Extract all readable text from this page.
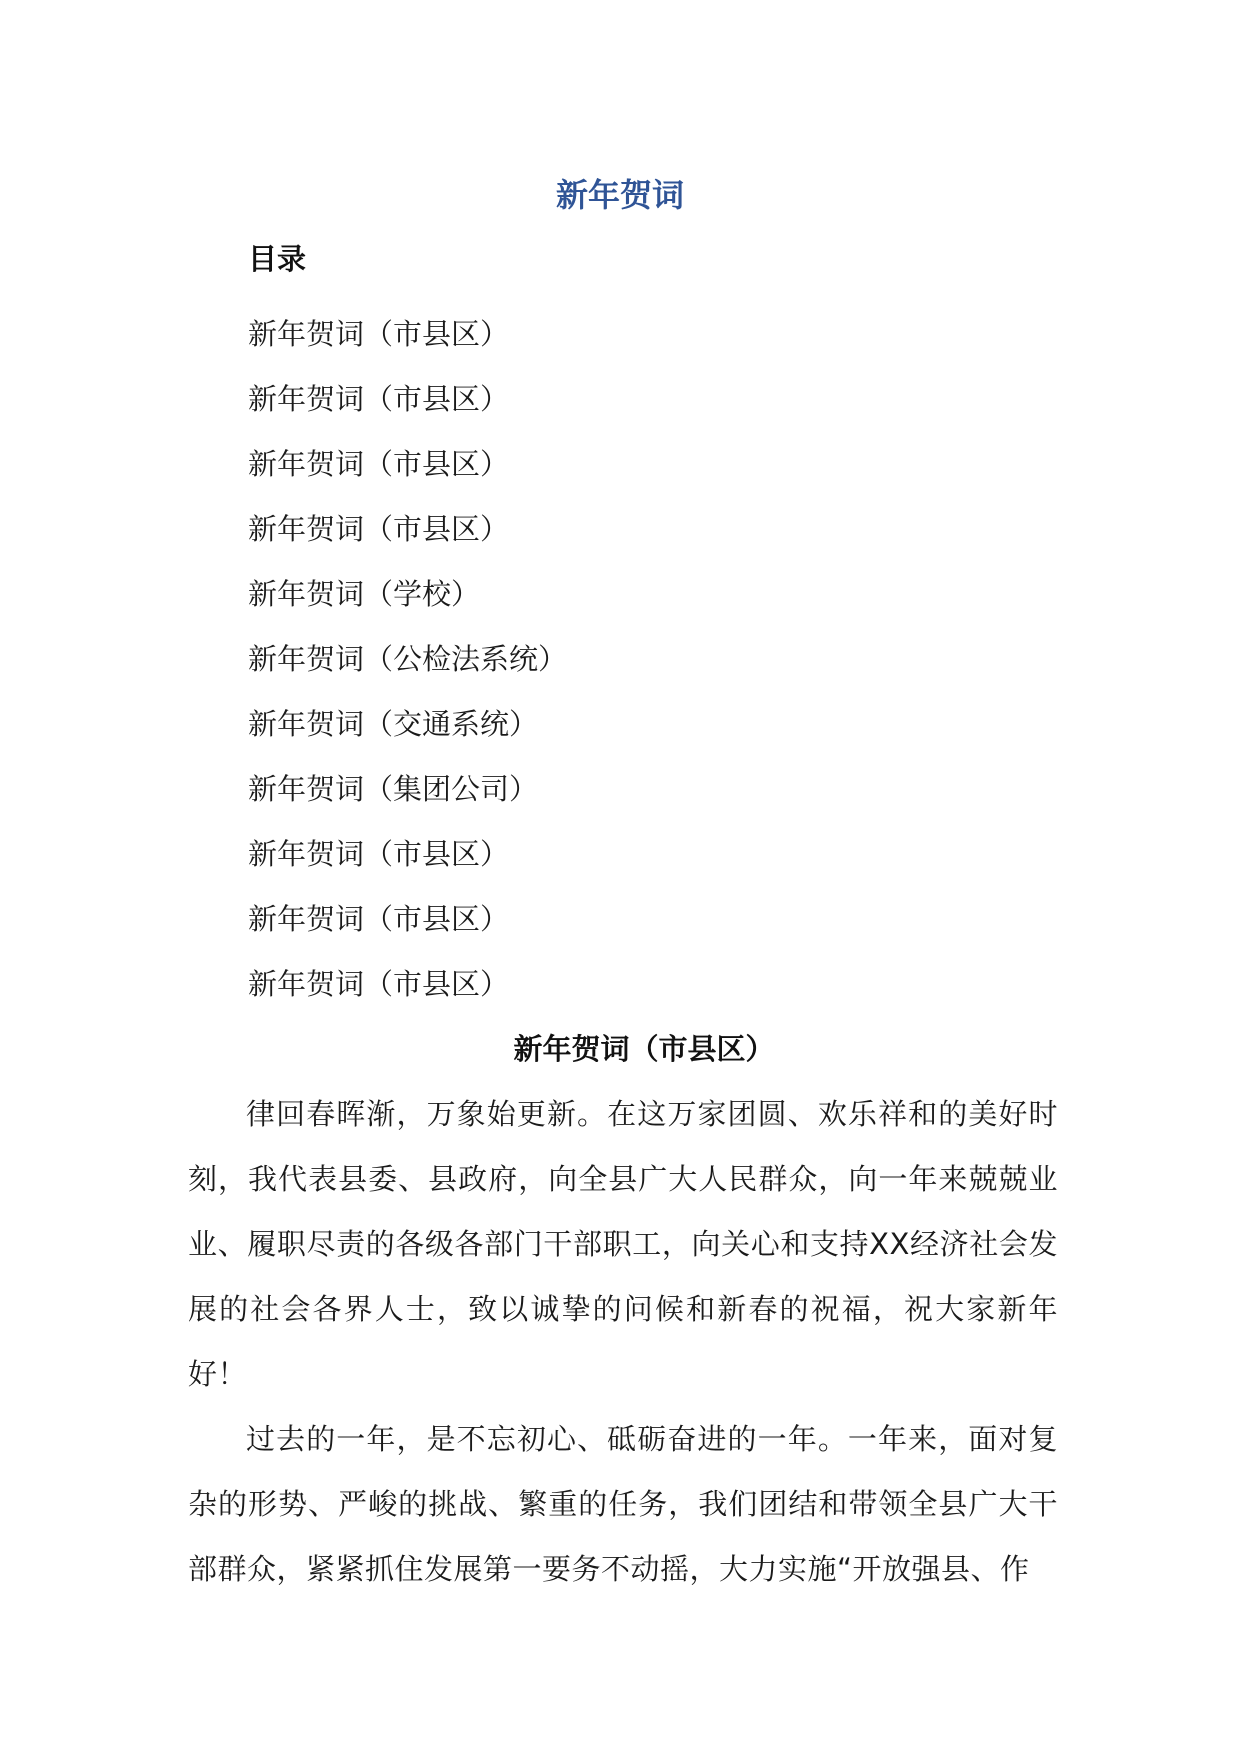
新年贺词
目录
新年贺词（市县区）
新年贺词（市县区）
新年贺词（市县区）
新年贺词（市县区）
新年贺词（学校）
新年贺词（公检法系统）
新年贺词（交通系统）
新年贺词（集团公司）
新年贺词（市县区）
新年贺词（市县区）
新年贺词（市县区）
新年贺词（市县区）

律回春晖渐，万象始更新。在这万家团圆、欢乐祥和的美好时刻，我代表县委、县政府，向全县广大人民群众，向一年来兢兢业业、履职尽责的各级各部门干部职工，向关心和支持XX经济社会发展的社会各界人士，致以诚挚的问候和新春的祝福，祝大家新年好！

过去的一年，是不忘初心、砥砺奋进的一年。一年来，面对复杂的形势、严峻的挑战、繁重的任务，我们团结和带领全县广大干部群众，紧紧抓住发展第一要务不动摇，大力实施“开放强县、作
